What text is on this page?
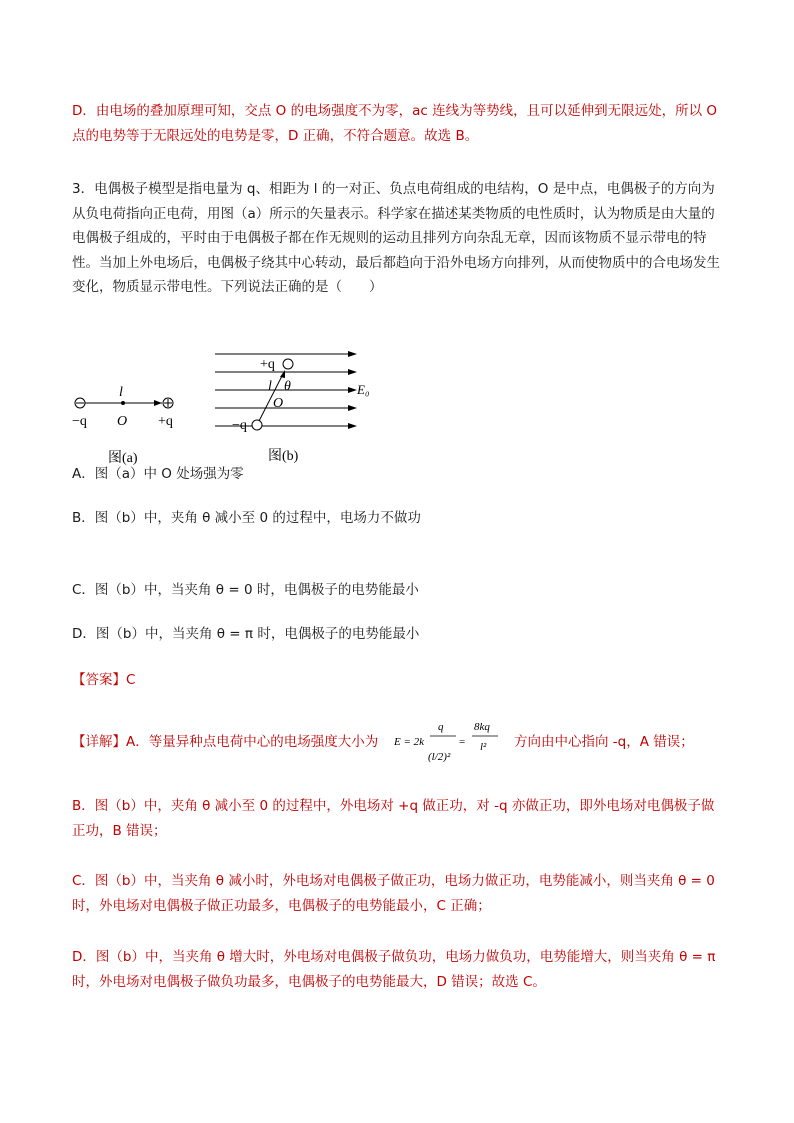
D．由电场的叠加原理可知，交点 O 的电场强度不为零，ac 连线为等势线，且可以延伸到无限远处，所以 O 点的电势等于无限远处的电势是零，D 正确，不符合题意。故选 B。
3．电偶极子模型是指电量为 q、相距为 l 的一对正、负点电荷组成的电结构，O 是中点，电偶极子的方向为从负电荷指向正电荷，用图（a）所示的矢量表示。科学家在描述某类物质的电性质时，认为物质是由大量的电偶极子组成的，平时由于电偶极子都在作无规则的运动且排列方向杂乱无章，因而该物质不显示带电的特性。当加上外电场后，电偶极子绕其中心转动，最后都趋向于沿外电场方向排列，从而使物质中的合电场发生变化，物质显示带电性。下列说法正确的是（　　）
l
O
−q	+q
图(a)
+q
l θ
O
E₀
−q
图(b)
A．图（a）中 O 处场强为零
B．图（b）中，夹角 θ 减小至 0 的过程中，电场力不做功
C．图（b）中，当夹角 θ = 0 时，电偶极子的电势能最小
D．图（b）中，当夹角 θ = π 时，电偶极子的电势能最小
【答案】C
【详解】A．等量异种点电荷中心的电场强度大小为 E = 2k
q
(l/2)²
=
8kq
l² 方向由中心指向 -q，A 错误；
B．图（b）中，夹角 θ 减小至 0 的过程中，外电场对 +q 做正功，对 -q 亦做正功，即外电场对电偶极子做正功，B 错误；
C．图（b）中，当夹角 θ 减小时，外电场对电偶极子做正功，电场力做正功，电势能减小，则当夹角 θ = 0 时，外电场对电偶极子做正功最多，电偶极子的电势能最小，C 正确；
D．图（b）中，当夹角 θ 增大时，外电场对电偶极子做负功，电场力做负功，电势能增大，则当夹角 θ = π 时，外电场对电偶极子做负功最多，电偶极子的电势能最大，D 错误；故选 C。
